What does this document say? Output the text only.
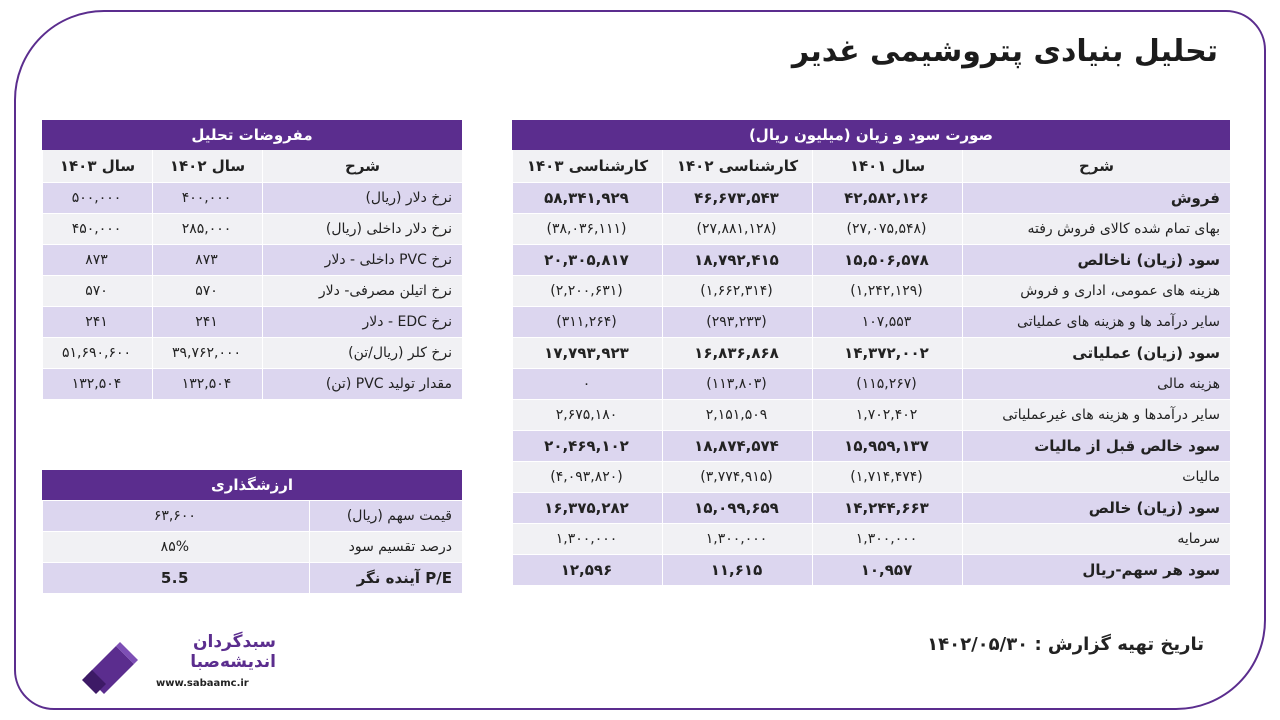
تحلیل بنیادی پتروشیمی غدیر
صورت سود و زیان (میلیون ریال)			
شرح	سال ۱۴۰۱	کارشناسی ۱۴۰۲	کارشناسی ۱۴۰۳
فروش	۴۲,۵۸۲,۱۲۶	۴۶,۶۷۳,۵۴۳	۵۸,۳۴۱,۹۲۹
بهای تمام شده کالای فروش رفته	(۲۷,۰۷۵,۵۴۸)	(۲۷,۸۸۱,۱۲۸)	(۳۸,۰۳۶,۱۱۱)
سود (زیان) ناخالص	۱۵,۵۰۶,۵۷۸	۱۸,۷۹۲,۴۱۵	۲۰,۳۰۵,۸۱۷
هزینه های عمومی، اداری و فروش	(۱,۲۴۲,۱۲۹)	(۱,۶۶۲,۳۱۴)	(۲,۲۰۰,۶۳۱)
سایر درآمد ها و هزینه های عملیاتی	۱۰۷,۵۵۳	(۲۹۳,۲۳۳)	(۳۱۱,۲۶۴)
سود (زیان) عملیاتی	۱۴,۳۷۲,۰۰۲	۱۶,۸۳۶,۸۶۸	۱۷,۷۹۳,۹۲۳
هزینه مالی	(۱۱۵,۲۶۷)	(۱۱۳,۸۰۳)	۰
سایر درآمدها و هزینه های غیرعملیاتی	۱,۷۰۲,۴۰۲	۲,۱۵۱,۵۰۹	۲,۶۷۵,۱۸۰
سود خالص قبل از مالیات	۱۵,۹۵۹,۱۳۷	۱۸,۸۷۴,۵۷۴	۲۰,۴۶۹,۱۰۲
مالیات	(۱,۷۱۴,۴۷۴)	(۳,۷۷۴,۹۱۵)	(۴,۰۹۳,۸۲۰)
سود (زیان) خالص	۱۴,۲۴۴,۶۶۳	۱۵,۰۹۹,۶۵۹	۱۶,۳۷۵,۲۸۲
سرمایه	۱,۳۰۰,۰۰۰	۱,۳۰۰,۰۰۰	۱,۳۰۰,۰۰۰
سود هر سهم-ریال	۱۰,۹۵۷	۱۱,۶۱۵	۱۲,۵۹۶
مفروضات تحلیل		
شرح	سال ۱۴۰۲	سال ۱۴۰۳
نرخ دلار (ریال)	۴۰۰,۰۰۰	۵۰۰,۰۰۰
نرخ دلار داخلی (ریال)	۲۸۵,۰۰۰	۴۵۰,۰۰۰
نرخ PVC داخلی - دلار	۸۷۳	۸۷۳
نرخ اتیلن مصرفی- دلار	۵۷۰	۵۷۰
نرخ EDC - دلار	۲۴۱	۲۴۱
نرخ کلر (ریال/تن)	۳۹,۷۶۲,۰۰۰	۵۱,۶۹۰,۶۰۰
مقدار تولید PVC (تن)	۱۳۲,۵۰۴	۱۳۲,۵۰۴
ارزشگذاری	
قیمت سهم (ریال)	۶۳,۶۰۰
درصد تقسیم سود	۸۵%
P/E آینده نگر	5.5
تاریخ تهیه گزارش : ۱۴۰۲/۰۵/۳۰
سبدگردان
اندیشه‌صبا
www.sabaamc.ir
